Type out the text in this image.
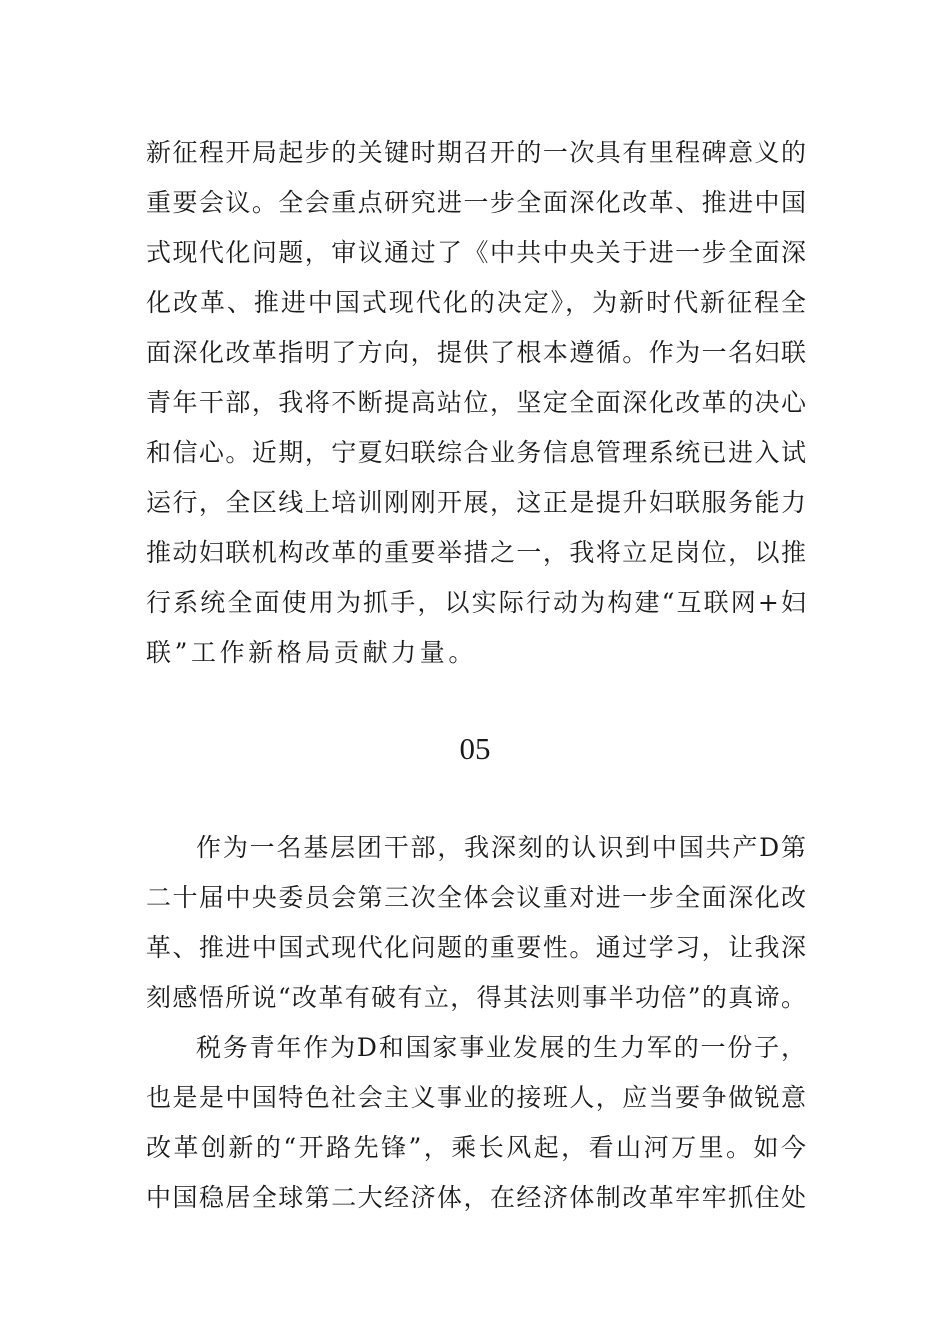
新征程开局起步的关键时期召开的一次具有里程碑意义的
重要会议。全会重点研究进一步全面深化改革、推进中国
式现代化问题，审议通过了《中共中央关于进一步全面深
化改革、推进中国式现代化的决定》，为新时代新征程全
面深化改革指明了方向，提供了根本遵循。作为一名妇联
青年干部，我将不断提高站位，坚定全面深化改革的决心
和信心。近期，宁夏妇联综合业务信息管理系统已进入试
运行，全区线上培训刚刚开展，这正是提升妇联服务能力
推动妇联机构改革的重要举措之一，我将立足岗位，以推
行系统全面使用为抓手，以实际行动为构建“互联网+妇
联”工作新格局贡献力量。
05
作为一名基层团干部，我深刻的认识到中国共产D第
二十届中央委员会第三次全体会议重对进一步全面深化改
革、推进中国式现代化问题的重要性。通过学习，让我深
刻感悟所说“改革有破有立，得其法则事半功倍”的真谛。
税务青年作为D和国家事业发展的生力军的一份子，
也是是中国特色社会主义事业的接班人，应当要争做锐意
改革创新的“开路先锋”，乘长风起，看山河万里。如今
中国稳居全球第二大经济体，在经济体制改革牢牢抓住处
